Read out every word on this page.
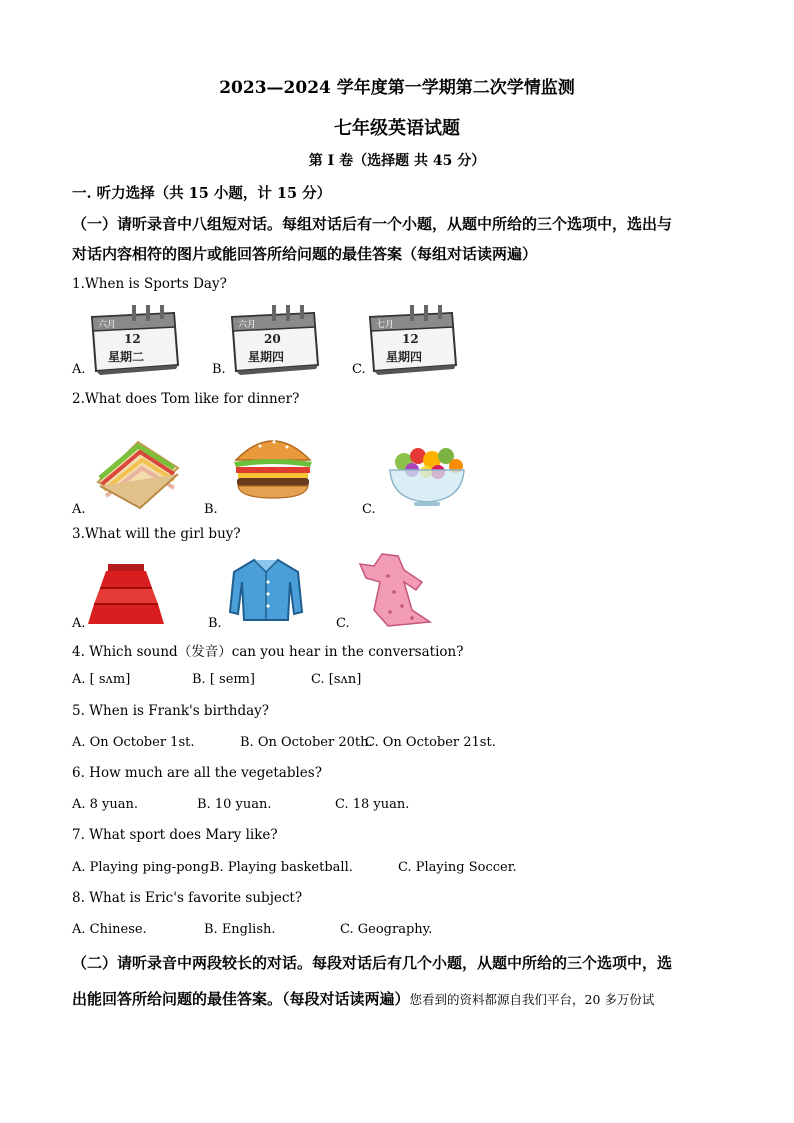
2023—2024 学年度第一学期第二次学情监测
七年级英语试题
第 Ⅰ 卷（选择题 共 45 分）
一. 听力选择（共 15 小题，计 15 分）
（一）请听录音中八组短对话。每组对话后有一个小题，从题中所给的三个选项中，选出与
对话内容相符的图片或能回答所给问题的最佳答案（每组对话读两遍）
1.When is Sports Day?
A.	B.	C.
六月
12
星期二
六月
20
星期四
七月
12
星期四
2.What does Tom like for dinner?
A.	B.	C.
3.What will the girl buy?
A.	B.	C.
4. Which sound（发音）can you hear in the conversation?
A. [ sʌm]	B. [ seɪm]	C. [sʌn]
5. When is Frank's birthday?
A. On October 1st.	B. On October 20th.
C. On October 21st.
6. How much are all the vegetables?
A. 8 yuan.	B. 10 yuan.	C. 18 yuan.
7. What sport does Mary like?
A. Playing ping-pong.
B. Playing basketball.	C. Playing Soccer.
8. What is Eric's favorite subject?
A. Chinese.	B. English.	C. Geography.
（二）请听录音中两段较长的对话。每段对话后有几个小题，从题中所给的三个选项中，选
出能回答所给问题的最佳答案。（每段对话读两遍）您看到的资料都源自我们平台，20 多万份试
